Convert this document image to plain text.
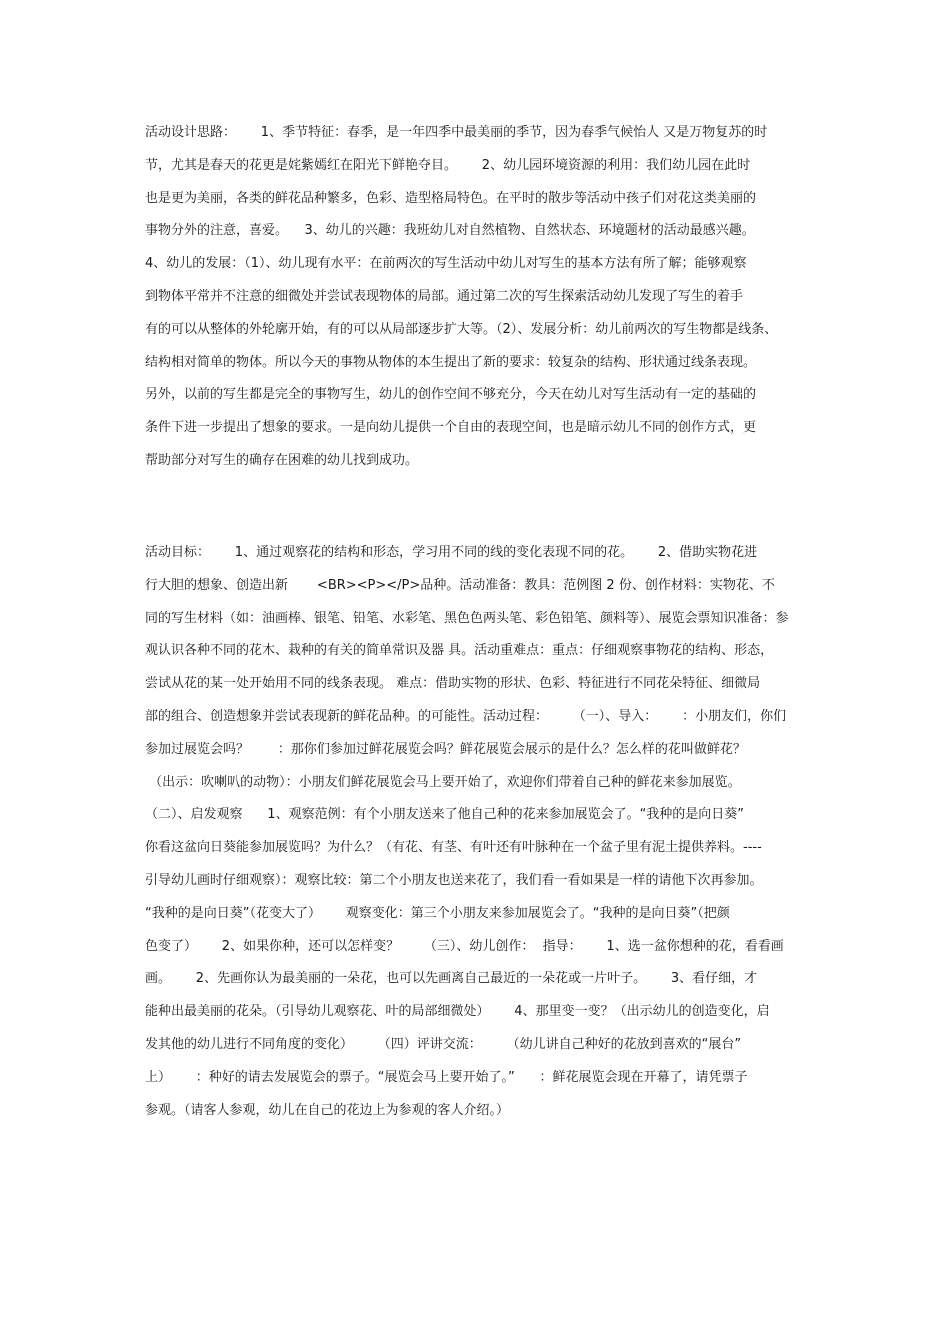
活动设计思路：      1、季节特征：春季，是一年四季中最美丽的季节，因为春季气候怡人 又是万物复苏的时
节，尤其是春天的花更是姹紫嫣红在阳光下鲜艳夺目。      2、幼儿园环境资源的利用：我们幼儿园在此时
也是更为美丽，各类的鲜花品种繁多，色彩、造型格局特色。在平时的散步等活动中孩子们对花这类美丽的
事物分外的注意，喜爱。    3、幼儿的兴趣：我班幼儿对自然植物、自然状态、环境题材的活动最感兴趣。
4、幼儿的发展：（1）、幼儿现有水平：在前两次的写生活动中幼儿对写生的基本方法有所了解；能够观察
到物体平常并不注意的细微处并尝试表现物体的局部。通过第二次的写生探索活动幼儿发现了写生的着手
有的可以从整体的外轮廓开始，有的可以从局部逐步扩大等。（2）、发展分析：幼儿前两次的写生物都是线条、
结构相对简单的物体。所以今天的事物从物体的本生提出了新的要求：较复杂的结构、形状通过线条表现。
另外，以前的写生都是完全的事物写生，幼儿的创作空间不够充分，今天在幼儿对写生活动有一定的基础的
条件下进一步提出了想象的要求。一是向幼儿提供一个自由的表现空间，也是暗示幼儿不同的创作方式，更
帮助部分对写生的确存在困难的幼儿找到成功。
活动目标：      1、通过观察花的结构和形态，学习用不同的线的变化表现不同的花。      2、借助实物花进
行大胆的想象、创造出新       <BR><P></P>品种。活动准备：教具：范例图 2 份、创作材料：实物花、不
同的写生材料（如：油画棒、银笔、铅笔、水彩笔、黑色色两头笔、彩色铅笔、颜料等）、展览会票知识准备：参
观认识各种不同的花木、栽种的有关的简单常识及器 具。活动重难点：重点：仔细观察事物花的结构、形态，
尝试从花的某一处开始用不同的线条表现。 难点：借助实物的形状、色彩、特征进行不同花朵特征、细微局
部的组合、创造想象并尝试表现新的鲜花品种。的可能性。活动过程：      （一）、导入：      ：小朋友们，你们
参加过展览会吗？       ：那你们参加过鲜花展览会吗？鲜花展览会展示的是什么？怎么样的花叫做鲜花？
（出示：吹喇叭的动物）：小朋友们鲜花展览会马上要开始了，欢迎你们带着自己种的鲜花来参加展览。
（二）、启发观察      1、观察范例：有个小朋友送来了他自己种的花来参加展览会了。“我种的是向日葵”
你看这盆向日葵能参加展览吗？为什么？（有花、有茎、有叶还有叶脉种在一个盆子里有泥土提供养料。----
引导幼儿画时仔细观察）：观察比较：第二个小朋友也送来花了，我们看一看如果是一样的请他下次再参加。
“我种的是向日葵”（花变大了）      观察变化：第三个小朋友来参加展览会了。“我种的是向日葵”（把颜
色变了）      2、如果你种，还可以怎样变？      （三）、幼儿创作：  指导：      1、选一盆你想种的花，看看画
画。      2、先画你认为最美丽的一朵花，也可以先画离自己最近的一朵花或一片叶子。      3、看仔细，才
能种出最美丽的花朵。（引导幼儿观察花、叶的局部细微处）      4、那里变一变？（出示幼儿的创造变化，启
发其他的幼儿进行不同角度的变化）      （四）评讲交流：      （幼儿讲自己种好的花放到喜欢的“展台”
上）      ：种好的请去发展览会的票子。“展览会马上要开始了。”      ：鲜花展览会现在开幕了，请凭票子
参观。（请客人参观，幼儿在自己的花边上为参观的客人介绍。）
